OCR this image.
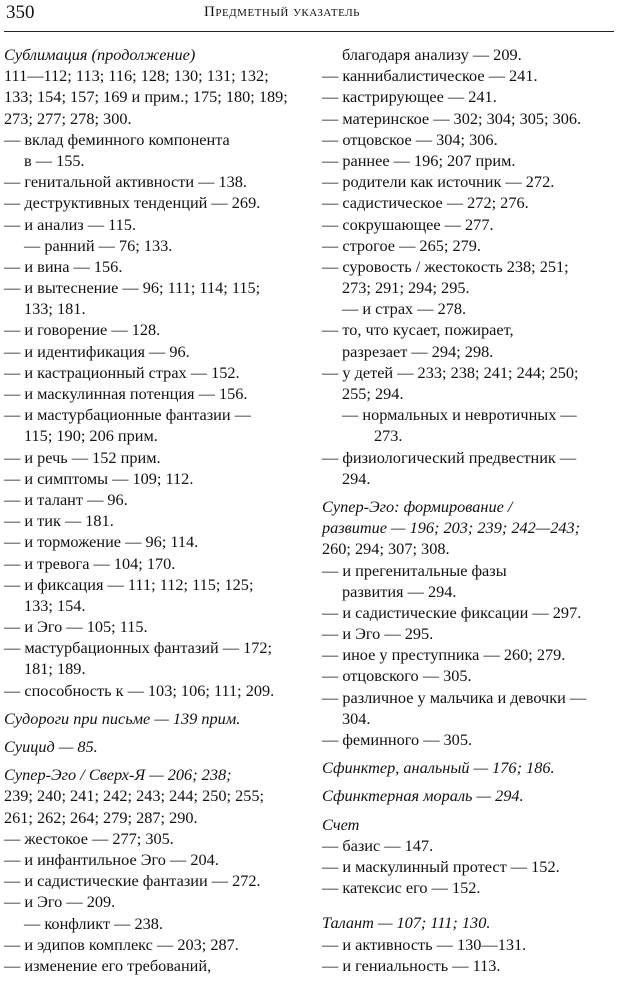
350	Предметный указатель
Сублимация (продолжение)
111—112; 113; 116; 128; 130; 131; 132;
133; 154; 157; 169 и прим.; 175; 180; 189;
273; 277; 278; 300.
— вклад феминного компонента
в — 155.
— генитальной активности — 138.
— деструктивных тенденций — 269.
— и анализ — 115.
— ранний — 76; 133.
— и вина — 156.
— и вытеснение — 96; 111; 114; 115;
133; 181.
— и говорение — 128.
— и идентификация — 96.
— и кастрационный страх — 152.
— и маскулинная потенция — 156.
— и мастурбационные фантазии —
115; 190; 206 прим.
— и речь — 152 прим.
— и симптомы — 109; 112.
— и талант — 96.
— и тик — 181.
— и торможение — 96; 114.
— и тревога — 104; 170.
— и фиксация — 111; 112; 115; 125;
133; 154.
— и Эго — 105; 115.
— мастурбационных фантазий — 172;
181; 189.
— способность к — 103; 106; 111; 209.
Судороги при письме — 139 прим.
Суицид — 85.
Супер-Эго / Сверх-Я — 206; 238;
239; 240; 241; 242; 243; 244; 250; 255;
261; 262; 264; 279; 287; 290.
— жестокое — 277; 305.
— и инфантильное Эго — 204.
— и садистические фантазии — 272.
— и Эго — 209.
— конфликт — 238.
— и эдипов комплекс — 203; 287.
— изменение его требований,
благодаря анализу — 209.
— каннибалистическое — 241.
— кастрирующее — 241.
— материнское — 302; 304; 305; 306.
— отцовское — 304; 306.
— раннее — 196; 207 прим.
— родители как источник — 272.
— садистическое — 272; 276.
— сокрушающее — 277.
— строгое — 265; 279.
— суровость / жестокость 238; 251;
273; 291; 294; 295.
— и страх — 278.
— то, что кусает, пожирает,
разрезает — 294; 298.
— у детей — 233; 238; 241; 244; 250;
255; 294.
— нормальных и невротичных —
273.
— физиологический предвестник —
294.
Супер-Эго: формирование /
развитие — 196; 203; 239; 242—243;
260; 294; 307; 308.
— и прегенитальные фазы
развития — 294.
— и садистические фиксации — 297.
— и Эго — 295.
— иное у преступника — 260; 279.
— отцовского — 305.
— различное у мальчика и девочки —
304.
— феминного — 305.
Сфинктер, анальный — 176; 186.
Сфинктерная мораль — 294.
Счет
— базис — 147.
— и маскулинный протест — 152.
— катексис его — 152.
Талант — 107; 111; 130.
— и активность — 130—131.
— и гениальность — 113.
